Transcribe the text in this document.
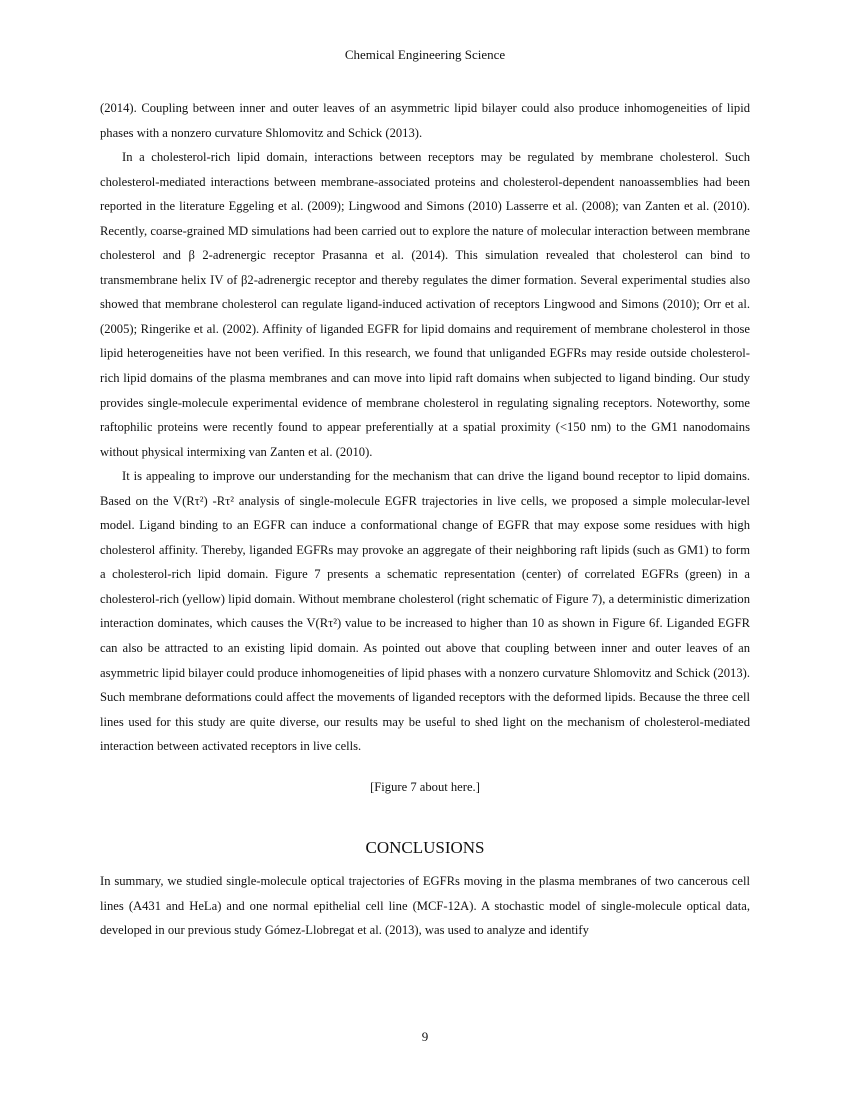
Chemical Engineering Science

(2014). Coupling between inner and outer leaves of an asymmetric lipid bilayer could also produce inhomogeneities of lipid phases with a nonzero curvature Shlomovitz and Schick (2013).

In a cholesterol-rich lipid domain, interactions between receptors may be regulated by membrane cholesterol. Such cholesterol-mediated interactions between membrane-associated proteins and cholesterol-dependent nanoassemblies had been reported in the literature Eggeling et al. (2009); Lingwood and Simons (2010) Lasserre et al. (2008); van Zanten et al. (2010). Recently, coarse-grained MD simulations had been carried out to explore the nature of molecular interaction between membrane cholesterol and β 2-adrenergic receptor Prasanna et al. (2014). This simulation revealed that cholesterol can bind to transmembrane helix IV of β2-adrenergic receptor and thereby regulates the dimer formation. Several experimental studies also showed that membrane cholesterol can regulate ligand-induced activation of receptors Lingwood and Simons (2010); Orr et al. (2005); Ringerike et al. (2002). Affinity of liganded EGFR for lipid domains and requirement of membrane cholesterol in those lipid heterogeneities have not been verified. In this research, we found that unliganded EGFRs may reside outside cholesterol-rich lipid domains of the plasma membranes and can move into lipid raft domains when subjected to ligand binding. Our study provides single-molecule experimental evidence of membrane cholesterol in regulating signaling receptors. Noteworthy, some raftophilic proteins were recently found to appear preferentially at a spatial proximity (<150 nm) to the GM1 nanodomains without physical intermixing van Zanten et al. (2010).

It is appealing to improve our understanding for the mechanism that can drive the ligand bound receptor to lipid domains. Based on the V(Rτ²) -Rτ² analysis of single-molecule EGFR trajectories in live cells, we proposed a simple molecular-level model. Ligand binding to an EGFR can induce a conformational change of EGFR that may expose some residues with high cholesterol affinity. Thereby, liganded EGFRs may provoke an aggregate of their neighboring raft lipids (such as GM1) to form a cholesterol-rich lipid domain. Figure 7 presents a schematic representation (center) of correlated EGFRs (green) in a cholesterol-rich (yellow) lipid domain. Without membrane cholesterol (right schematic of Figure 7), a deterministic dimerization interaction dominates, which causes the V(Rτ²) value to be increased to higher than 10 as shown in Figure 6f. Liganded EGFR can also be attracted to an existing lipid domain. As pointed out above that coupling between inner and outer leaves of an asymmetric lipid bilayer could produce inhomogeneities of lipid phases with a nonzero curvature Shlomovitz and Schick (2013). Such membrane deformations could affect the movements of liganded receptors with the deformed lipids. Because the three cell lines used for this study are quite diverse, our results may be useful to shed light on the mechanism of cholesterol-mediated interaction between activated receptors in live cells.

[Figure 7 about here.]

CONCLUSIONS

In summary, we studied single-molecule optical trajectories of EGFRs moving in the plasma membranes of two cancerous cell lines (A431 and HeLa) and one normal epithelial cell line (MCF-12A). A stochastic model of single-molecule optical data, developed in our previous study Gómez-Llobregat et al. (2013), was used to analyze and identify

9
